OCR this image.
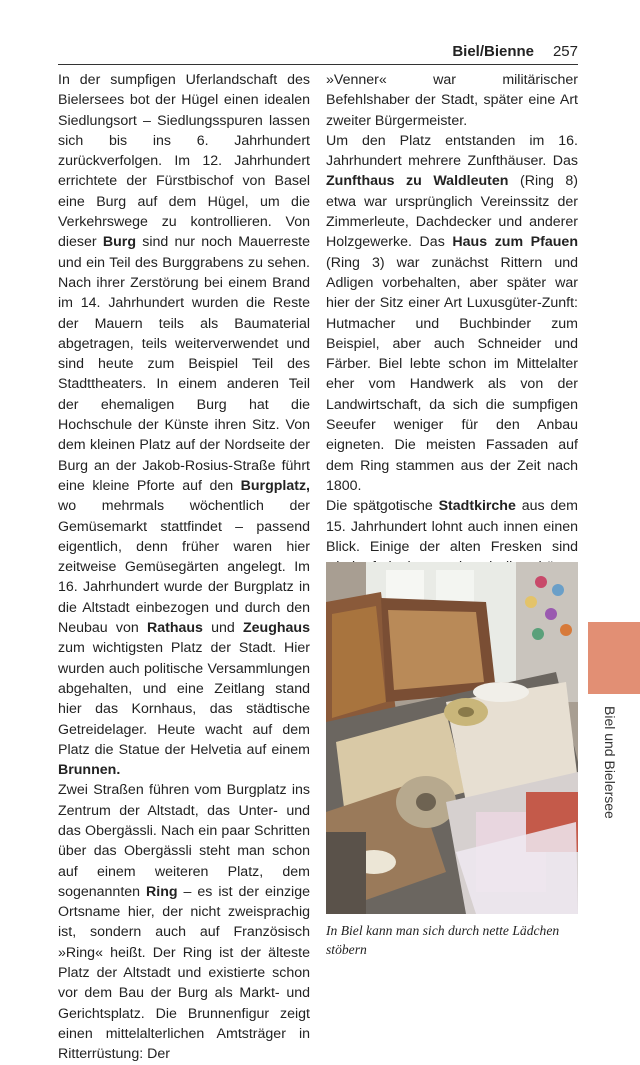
Biel/Bienne 257

In der sumpfigen Uferlandschaft des Bielersees bot der Hügel einen idealen Siedlungsort – Siedlungsspuren lassen sich bis ins 6. Jahrhundert zurückverfolgen. Im 12. Jahrhundert errichtete der Fürstbischof von Basel eine Burg auf dem Hügel, um die Verkehrswege zu kontrollieren. Von dieser Burg sind nur noch Mauerreste und ein Teil des Burggrabens zu sehen. Nach ihrer Zerstörung bei einem Brand im 14. Jahrhundert wurden die Reste der Mauern teils als Baumaterial abgetragen, teils weiterverwendet und sind heute zum Beispiel Teil des Stadttheaters. In einem anderen Teil der ehemaligen Burg hat die Hochschule der Künste ihren Sitz. Von dem kleinen Platz auf der Nordseite der Burg an der Jakob-Rosius-Straße führt eine kleine Pforte auf den Burgplatz, wo mehrmals wöchentlich der Gemüsemarkt stattfindet – passend eigentlich, denn früher waren hier zeitweise Gemüsegärten angelegt. Im 16. Jahrhundert wurde der Burgplatz in die Altstadt einbezogen und durch den Neubau von Rathaus und Zeughaus zum wichtigsten Platz der Stadt. Hier wurden auch politische Versammlungen abgehalten, und eine Zeitlang stand hier das Kornhaus, das städtische Getreidelager. Heute wacht auf dem Platz die Statue der Helvetia auf einem Brunnen.

Zwei Straßen führen vom Burgplatz ins Zentrum der Altstadt, das Unter- und das Obergässli. Nach ein paar Schritten über das Obergässli steht man schon auf einem weiteren Platz, dem sogenannten Ring – es ist der einzige Ortsname hier, der nicht zweisprachig ist, sondern auch auf Französisch »Ring« heißt. Der Ring ist der älteste Platz der Altstadt und existierte schon vor dem Bau der Burg als Markt- und Gerichtsplatz. Die Brunnenfigur zeigt einen mittelalterlichen Amtsträger in Ritterrüstung: Der

»Venner« war militärischer Befehlshaber der Stadt, später eine Art zweiter Bürgermeister.

Um den Platz entstanden im 16. Jahrhundert mehrere Zunfthäuser. Das Zunfthaus zu Waldleuten (Ring 8) etwa war ursprünglich Vereinssitz der Zimmerleute, Dachdecker und anderer Holzgewerke. Das Haus zum Pfauen (Ring 3) war zunächst Rittern und Adligen vorbehalten, aber später war hier der Sitz einer Art Luxusgüter-Zunft: Hutmacher und Buchbinder zum Beispiel, aber auch Schneider und Färber. Biel lebte schon im Mittelalter eher vom Handwerk als von der Landwirtschaft, da sich die sumpfigen Seeufer weniger für den Anbau eigneten. Die meisten Fassaden auf dem Ring stammen aus der Zeit nach 1800.

Die spätgotische Stadtkirche aus dem 15. Jahrhundert lohnt auch innen einen Blick. Einige der alten Fresken sind

In Biel kann man sich durch nette Lädchen stöbern
Biel und Bielersee
